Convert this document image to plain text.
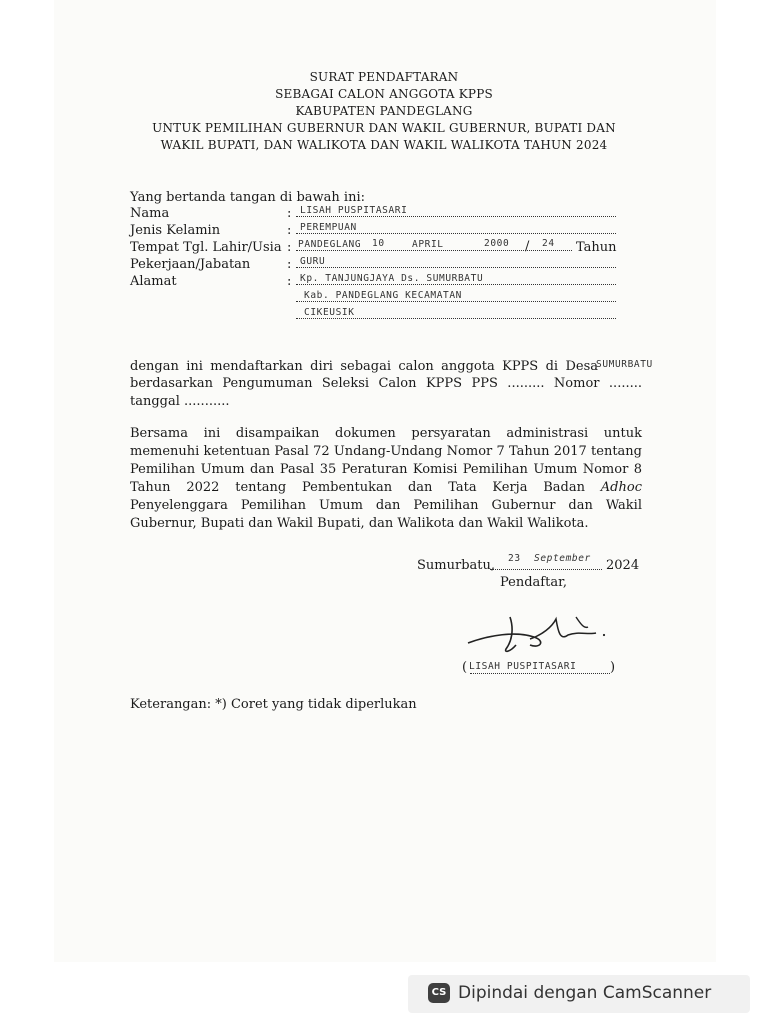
SURAT PENDAFTARAN
SEBAGAI CALON ANGGOTA KPPS
KABUPATEN PANDEGLANG
UNTUK PEMILIHAN GUBERNUR DAN WAKIL GUBERNUR, BUPATI DAN
WAKIL BUPATI, DAN WALIKOTA DAN WAKIL WALIKOTA TAHUN 2024
Yang bertanda tangan di bawah ini:
Nama	: LISAH PUSPITASARI
Jenis Kelamin	: PEREMPUAN
Tempat Tgl. Lahir/Usia : PANDEGLANG 10	APRIL	2000 / 24 Tahun
Pekerjaan/Jabatan	: GURU
Alamat	: Kp. TANJUNGJAYA Ds. SUMURBATU
Kab. PANDEGLANG KECAMATAN
CIKEUSIK
dengan ini mendaftarkan diri sebagai calon anggota KPPS di Desa
SUMURBATU
berdasarkan Pengumuman Seleksi Calon KPPS PPS ......... Nomor ........
tanggal ...........
Bersama ini disampaikan dokumen persyaratan administrasi untuk memenuhi ketentuan Pasal 72 Undang-Undang Nomor 7 Tahun 2017 tentang Pemilihan Umum dan Pasal 35 Peraturan Komisi Pemilihan Umum Nomor 8 Tahun 2022 tentang Pembentukan dan Tata Kerja Badan Adhoc Penyelenggara Pemilihan Umum dan Pemilihan Gubernur dan Wakil Gubernur, Bupati dan Wakil Bupati, dan Walikota dan Wakil Walikota.
Sumurbatu, 23 September 2024
Pendaftar,
( LISAH PUSPITASARI	)
Keterangan: *) Coret yang tidak diperlukan
CS Dipindai dengan CamScanner
